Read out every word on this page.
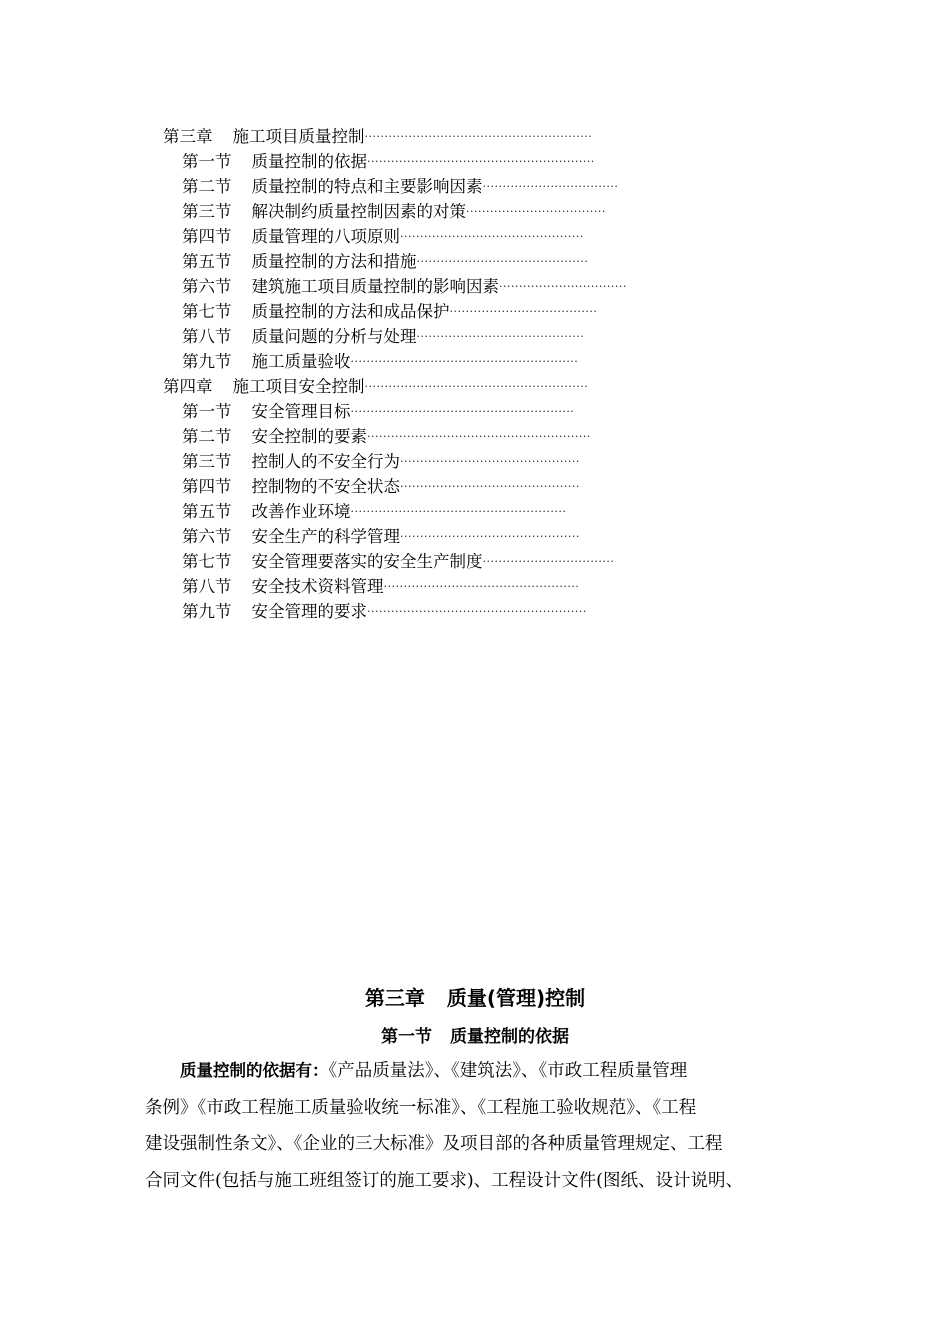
第三章 施工项目质量控制 ·························································
第一节 质量控制的依据 ·························································
第二节 质量控制的特点和主要影响因素 ··································
第三节 解决制约质量控制因素的对策 ···································
第四节 质量管理的八项原则 ··············································
第五节 质量控制的方法和措施 ···········································
第六节 建筑施工项目质量控制的影响因素 ································
第七节 质量控制的方法和成品保护 ·····································
第八节 质量问题的分析与处理 ··········································
第九节 施工质量验收 ·························································
第四章 施工项目安全控制 ························································
第一节 安全管理目标 ························································
第二节 安全控制的要素 ························································
第三节 控制人的不安全行为 ·············································
第四节 控制物的不安全状态 ·············································
第五节 改善作业环境 ······················································
第六节 安全生产的科学管理 ·············································
第七节 安全管理要落实的安全生产制度 ·································
第八节 安全技术资料管理 ·················································
第九节 安全管理的要求 ·······················································
第三章 质量(管理)控制
第一节 质量控制的依据
质量控制的依据有：《产品质量法》、《建筑法》、《市政工程质量管理
条例》《市政工程施工质量验收统一标准》、《工程施工验收规范》、《工程
建设强制性条文》、《企业的三大标准》及项目部的各种质量管理规定、工程
合同文件(包括与施工班组签订的施工要求)、工程设计文件(图纸、设计说明、
